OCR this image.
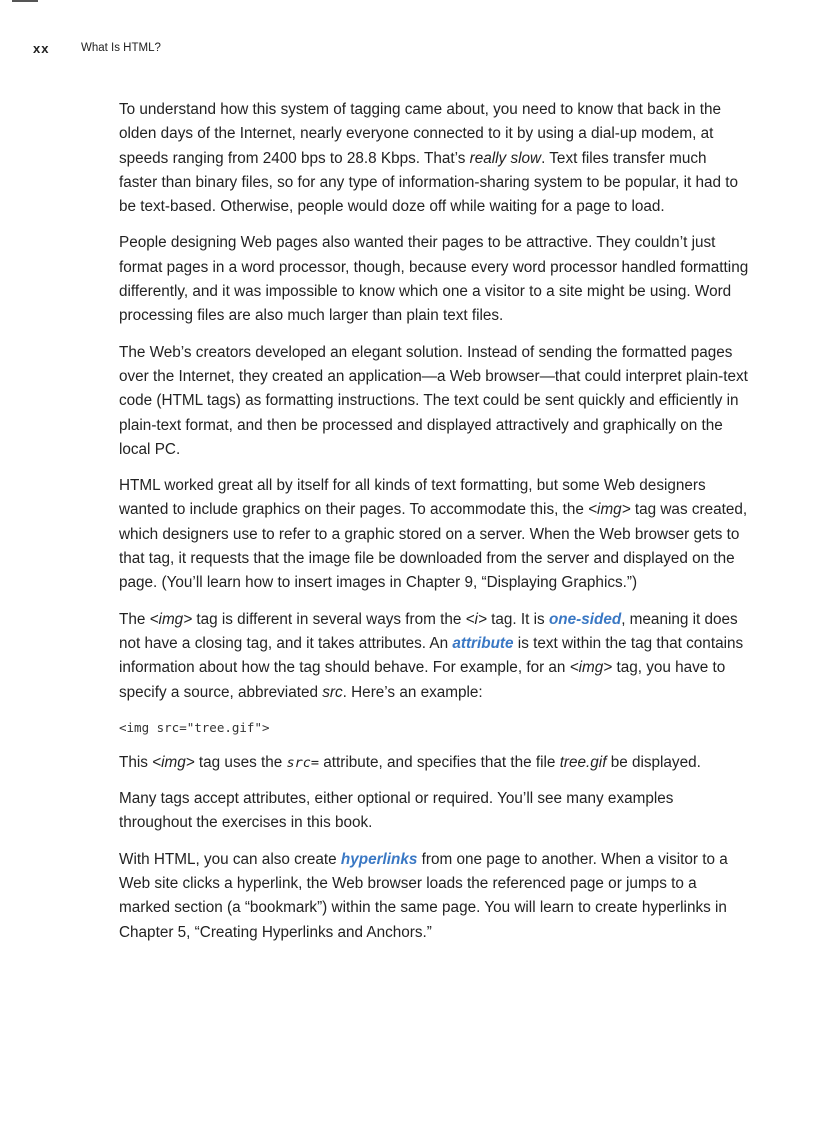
xx	What Is HTML?

To understand how this system of tagging came about, you need to know that back in the olden days of the Internet, nearly everyone connected to it by using a dial-up modem, at speeds ranging from 2400 bps to 28.8 Kbps. That’s really slow. Text files transfer much faster than binary files, so for any type of information-sharing system to be popular, it had to be text-based. Otherwise, people would doze off while waiting for a page to load.

People designing Web pages also wanted their pages to be attractive. They couldn’t just format pages in a word processor, though, because every word processor handled formatting differently, and it was impossible to know which one a visitor to a site might be using. Word processing files are also much larger than plain text files.

The Web’s creators developed an elegant solution. Instead of sending the formatted pages over the Internet, they created an application—a Web browser—that could interpret plain-text code (HTML tags) as formatting instructions. The text could be sent quickly and efficiently in plain-text format, and then be processed and displayed attractively and graphically on the local PC.

HTML worked great all by itself for all kinds of text formatting, but some Web designers wanted to include graphics on their pages. To accommodate this, the <img> tag was created, which designers use to refer to a graphic stored on a server. When the Web browser gets to that tag, it requests that the image file be downloaded from the server and displayed on the page. (You’ll learn how to insert images in Chapter 9, “Displaying Graphics.”)

The <img> tag is different in several ways from the <i> tag. It is one-sided, meaning it does not have a closing tag, and it takes attributes. An attribute is text within the tag that contains information about how the tag should behave. For example, for an <img> tag, you have to specify a source, abbreviated src. Here’s an example:

<img src="tree.gif">

This <img> tag uses the src= attribute, and specifies that the file tree.gif be displayed.

Many tags accept attributes, either optional or required. You’ll see many examples throughout the exercises in this book.

With HTML, you can also create hyperlinks from one page to another. When a visitor to a Web site clicks a hyperlink, the Web browser loads the referenced page or jumps to a marked section (a “bookmark”) within the same page. You will learn to create hyperlinks in Chapter 5, “Creating Hyperlinks and Anchors.”
